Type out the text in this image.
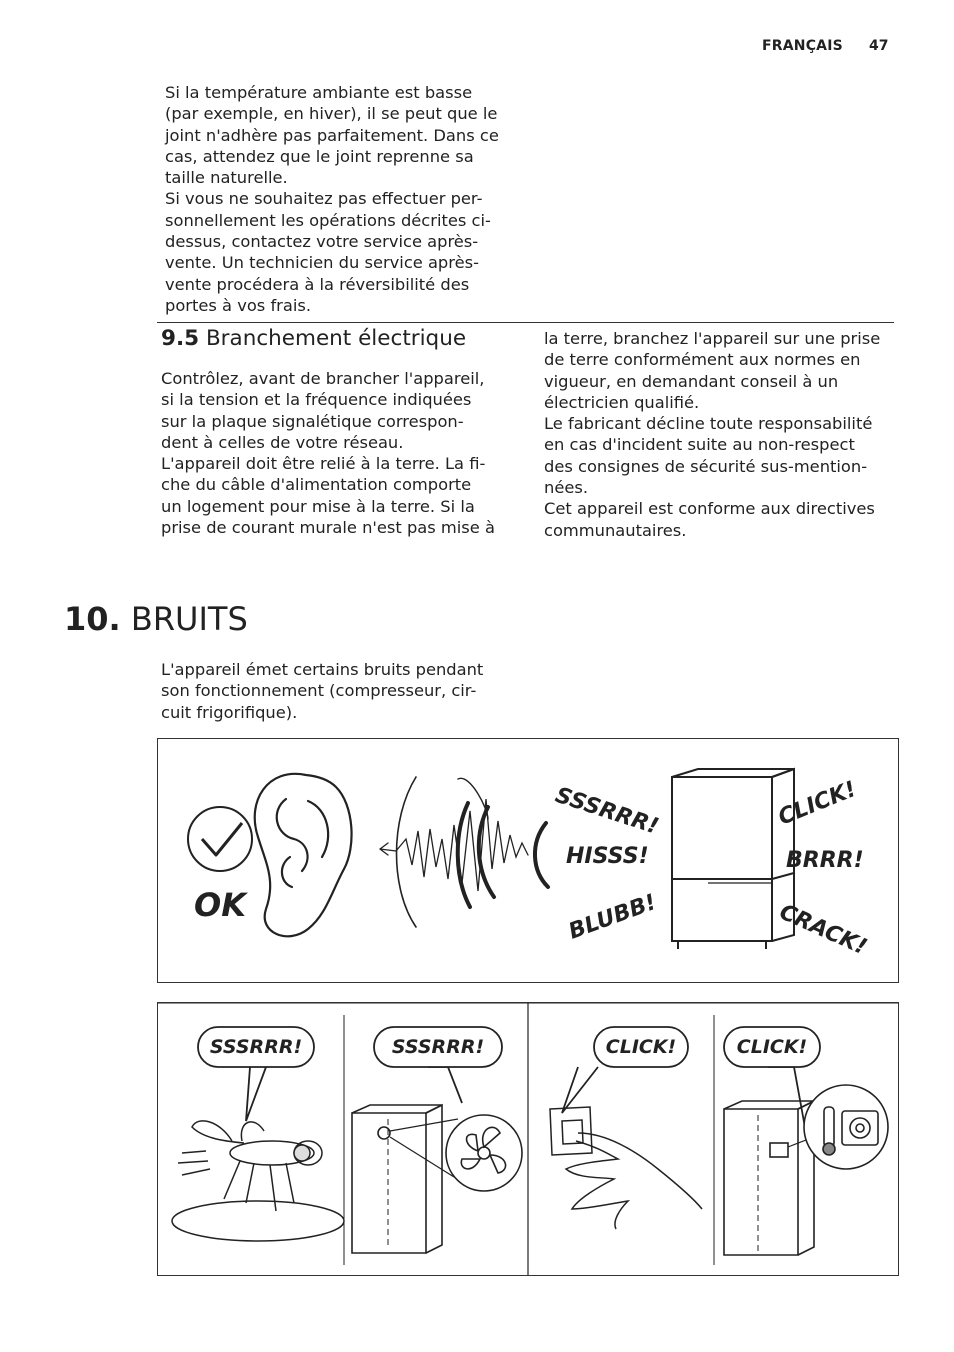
FRANÇAIS 47
Si la température ambiante est basse
(par exemple, en hiver), il se peut que le
joint n'adhère pas parfaitement. Dans ce
cas, attendez que le joint reprenne sa
taille naturelle.
Si vous ne souhaitez pas effectuer per-
sonnellement les opérations décrites ci-
dessus, contactez votre service après-
vente. Un technicien du service après-
vente procédera à la réversibilité des
portes à vos frais.
9.5 Branchement électrique
Contrôlez, avant de brancher l'appareil,
si la tension et la fréquence indiquées
sur la plaque signalétique correspon-
dent à celles de votre réseau.
L'appareil doit être relié à la terre. La fi-
che du câble d'alimentation comporte
un logement pour mise à la terre. Si la
prise de courant murale n'est pas mise à
la terre, branchez l'appareil sur une prise
de terre conformément aux normes en
vigueur, en demandant conseil à un
électricien qualifié.
Le fabricant décline toute responsabilité
en cas d'incident suite au non-respect
des consignes de sécurité sus-mention-
nées.
Cet appareil est conforme aux directives
communautaires.
10. BRUITS
L'appareil émet certains bruits pendant
son fonctionnement (compresseur, cir-
cuit frigorifique).
OK
SSSRRR!
HISSS!
BLUBB!
CLICK!
BRRR!
CRACK!
SSSRRR!	SSSRRR!	CLICK!	CLICK!
